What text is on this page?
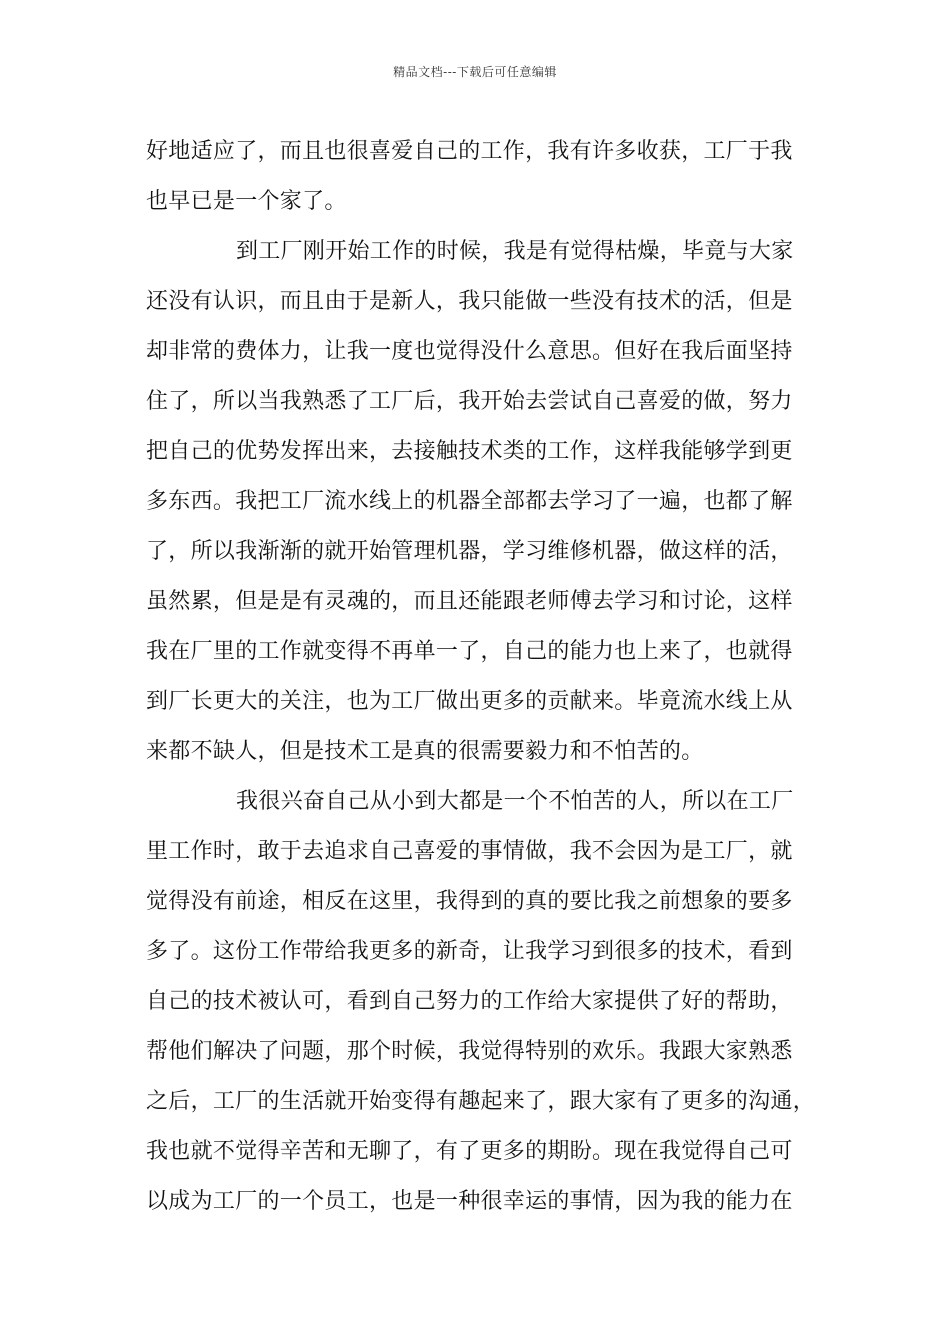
精品文档---下载后可任意编辑
好地适应了，而且也很喜爱自己的工作，我有许多收获，工厂于我
也早已是一个家了。
到工厂刚开始工作的时候，我是有觉得枯燥，毕竟与大家
还没有认识，而且由于是新人，我只能做一些没有技术的活，但是
却非常的费体力，让我一度也觉得没什么意思。但好在我后面坚持
住了，所以当我熟悉了工厂后，我开始去尝试自己喜爱的做，努力
把自己的优势发挥出来，去接触技术类的工作，这样我能够学到更
多东西。我把工厂流水线上的机器全部都去学习了一遍，也都了解
了，所以我渐渐的就开始管理机器，学习维修机器，做这样的活，
虽然累，但是是有灵魂的，而且还能跟老师傅去学习和讨论，这样
我在厂里的工作就变得不再单一了，自己的能力也上来了，也就得
到厂长更大的关注，也为工厂做出更多的贡献来。毕竟流水线上从
来都不缺人，但是技术工是真的很需要毅力和不怕苦的。
我很兴奋自己从小到大都是一个不怕苦的人，所以在工厂
里工作时，敢于去追求自己喜爱的事情做，我不会因为是工厂，就
觉得没有前途，相反在这里，我得到的真的要比我之前想象的要多
多了。这份工作带给我更多的新奇，让我学习到很多的技术，看到
自己的技术被认可，看到自己努力的工作给大家提供了好的帮助，
帮他们解决了问题，那个时候，我觉得特别的欢乐。我跟大家熟悉
之后，工厂的生活就开始变得有趣起来了，跟大家有了更多的沟通，
我也就不觉得辛苦和无聊了，有了更多的期盼。现在我觉得自己可
以成为工厂的一个员工，也是一种很幸运的事情，因为我的能力在
